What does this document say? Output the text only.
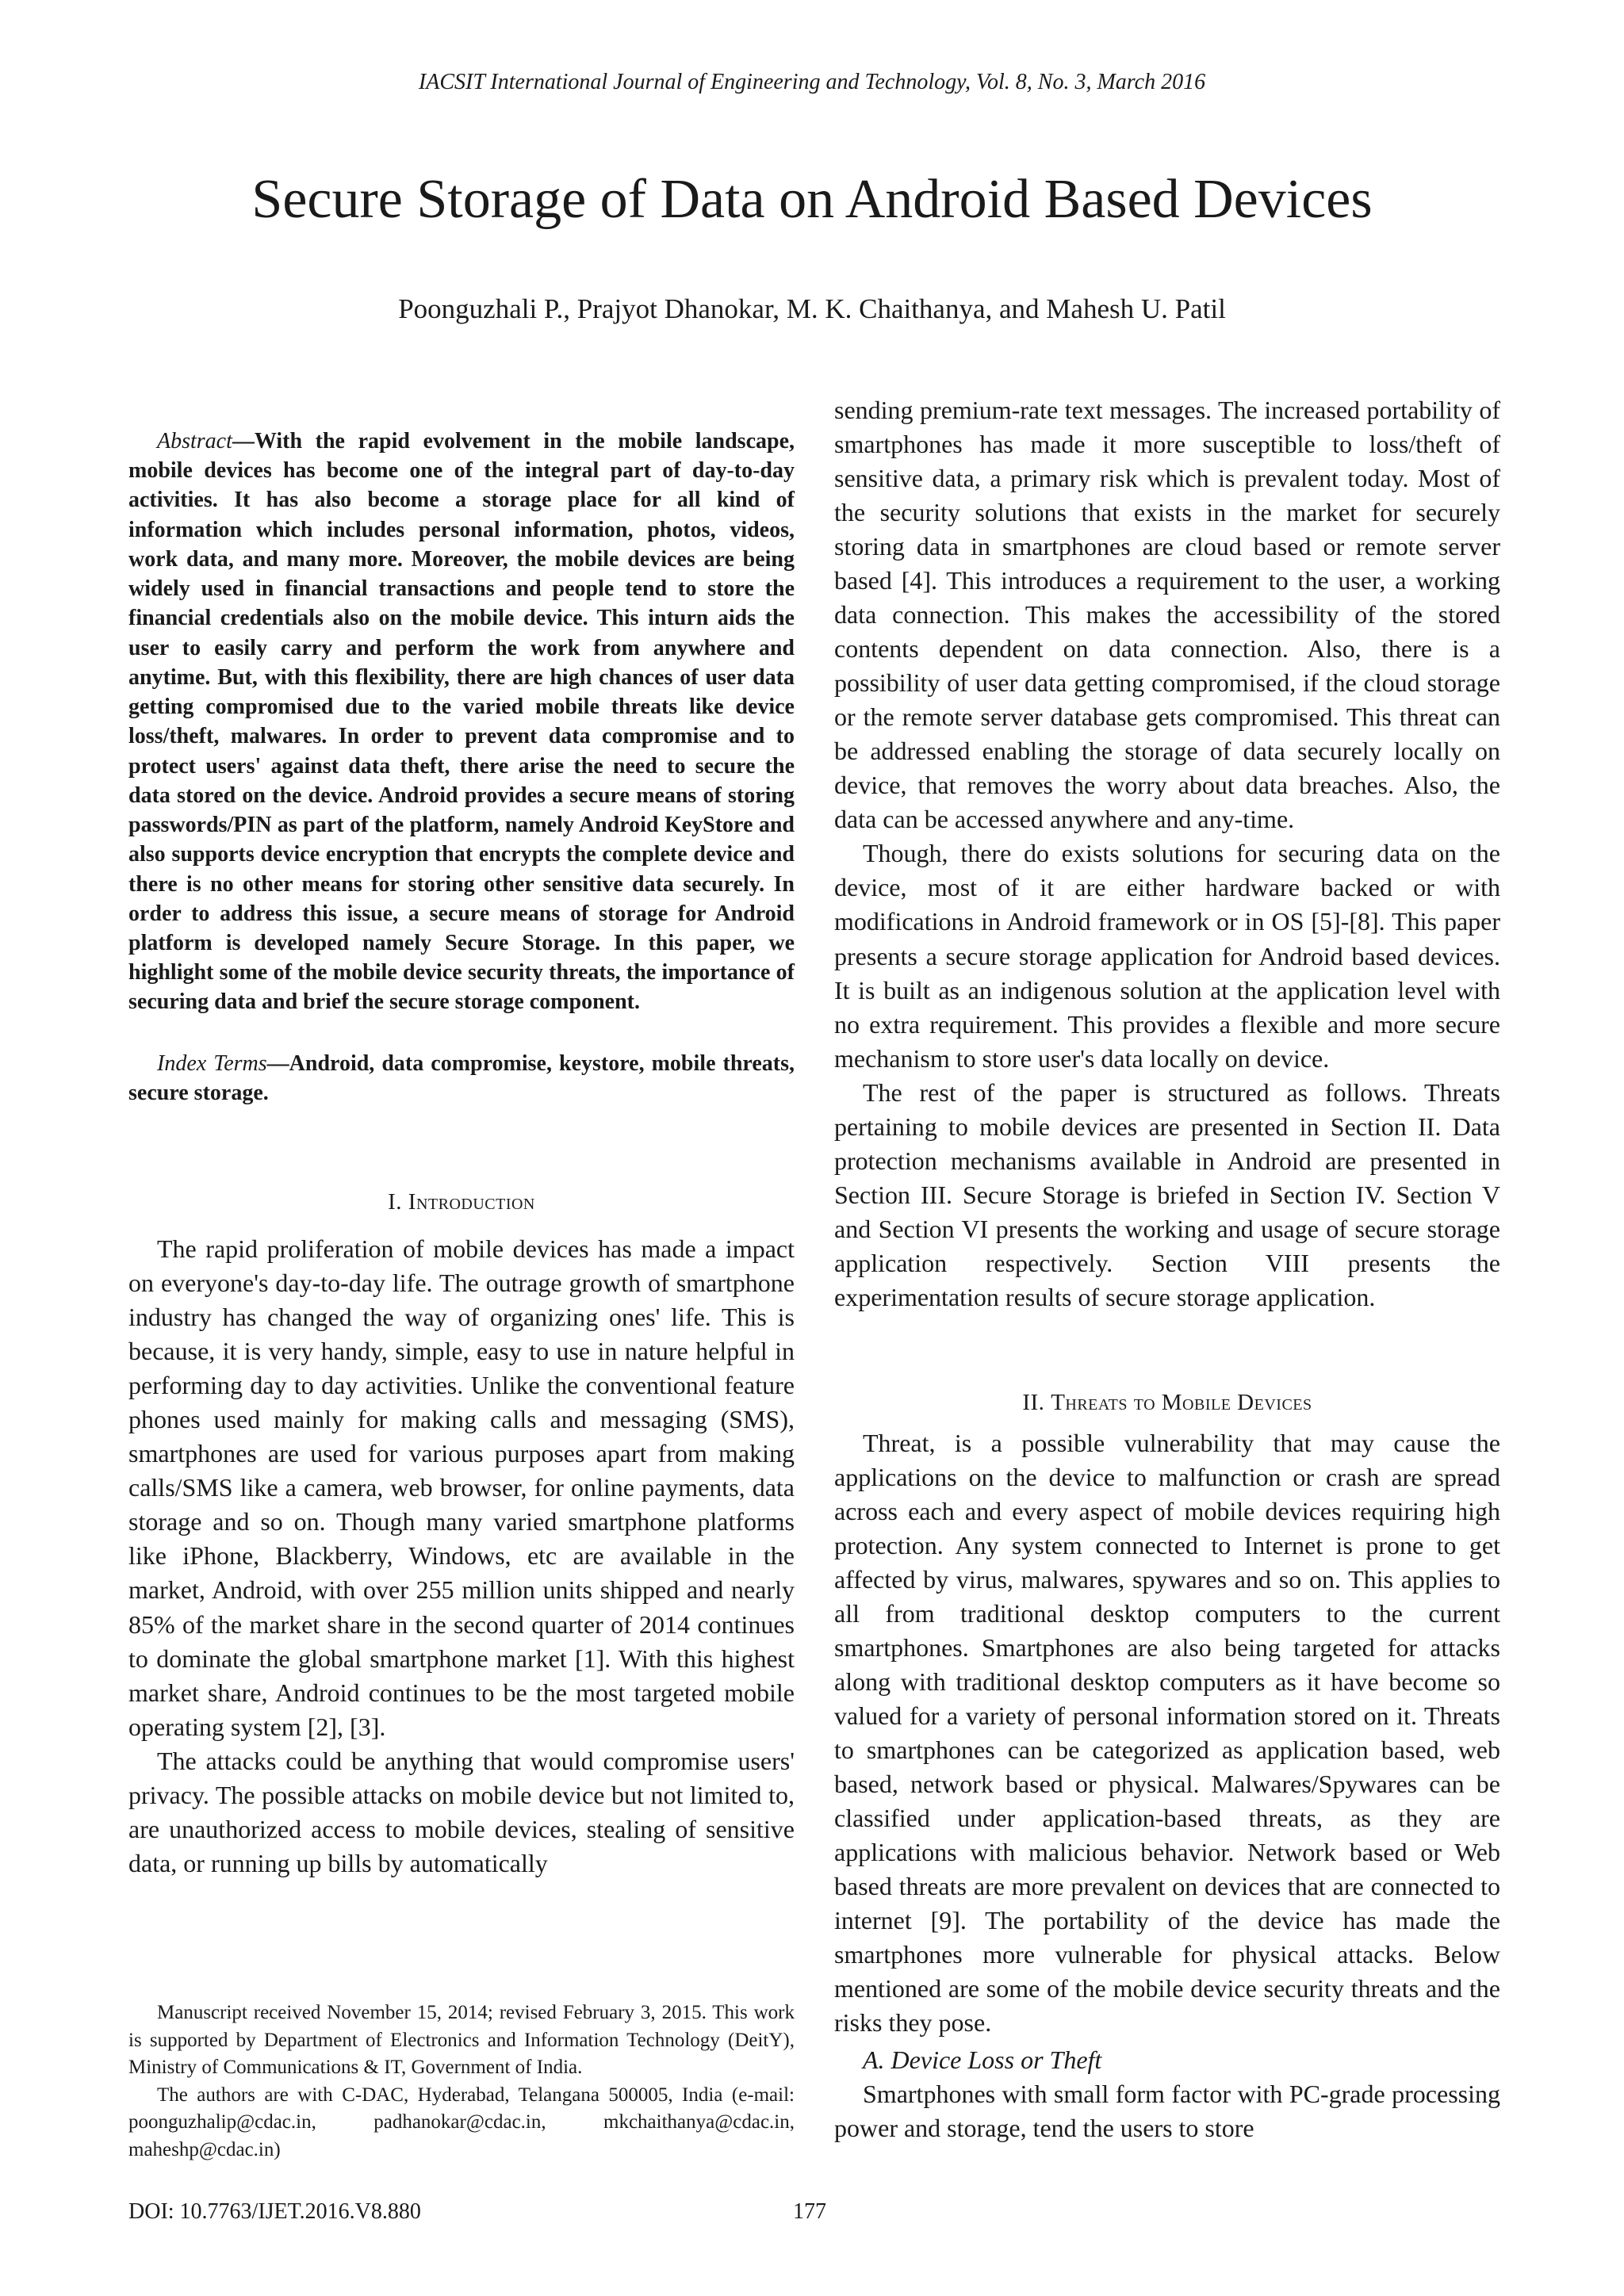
IACSIT International Journal of Engineering and Technology, Vol. 8, No. 3, March 2016
Secure Storage of Data on Android Based Devices
Poonguzhali P., Prajyot Dhanokar, M. K. Chaithanya, and Mahesh U. Patil

Abstract—With the rapid evolvement in the mobile landscape, mobile devices has become one of the integral part of day-to-day activities. It has also become a storage place for all kind of information which includes personal information, photos, videos, work data, and many more. Moreover, the mobile devices are being widely used in financial transactions and people tend to store the financial credentials also on the mobile device. This inturn aids the user to easily carry and perform the work from anywhere and anytime. But, with this flexibility, there are high chances of user data getting compromised due to the varied mobile threats like device loss/theft, malwares. In order to prevent data compromise and to protect users' against data theft, there arise the need to secure the data stored on the device. Android provides a secure means of storing passwords/PIN as part of the platform, namely Android KeyStore and also supports device encryption that encrypts the complete device and there is no other means for storing other sensitive data securely. In order to address this issue, a secure means of storage for Android platform is developed namely Secure Storage. In this paper, we highlight some of the mobile device security threats, the importance of securing data and brief the secure storage component.

Index Terms—Android, data compromise, keystore, mobile threats, secure storage.

I. Introduction

The rapid proliferation of mobile devices has made a impact on everyone's day-to-day life. The outrage growth of smartphone industry has changed the way of organizing ones' life. This is because, it is very handy, simple, easy to use in nature helpful in performing day to day activities. Unlike the conventional feature phones used mainly for making calls and messaging (SMS), smartphones are used for various purposes apart from making calls/SMS like a camera, web browser, for online payments, data storage and so on. Though many varied smartphone platforms like iPhone, Blackberry, Windows, etc are available in the market, Android, with over 255 million units shipped and nearly 85% of the market share in the second quarter of 2014 continues to dominate the global smartphone market [1]. With this highest market share, Android continues to be the most targeted mobile operating system [2], [3].

The attacks could be anything that would compromise users' privacy. The possible attacks on mobile device but not limited to, are unauthorized access to mobile devices, stealing of sensitive data, or running up bills by automatically

sending premium-rate text messages. The increased portability of smartphones has made it more susceptible to loss/theft of sensitive data, a primary risk which is prevalent today. Most of the security solutions that exists in the market for securely storing data in smartphones are cloud based or remote server based [4]. This introduces a requirement to the user, a working data connection. This makes the accessibility of the stored contents dependent on data connection. Also, there is a possibility of user data getting compromised, if the cloud storage or the remote server database gets compromised. This threat can be addressed enabling the storage of data securely locally on device, that removes the worry about data breaches. Also, the data can be accessed anywhere and any-time.

Though, there do exists solutions for securing data on the device, most of it are either hardware backed or with modifications in Android framework or in OS [5]-[8]. This paper presents a secure storage application for Android based devices. It is built as an indigenous solution at the application level with no extra requirement. This provides a flexible and more secure mechanism to store user's data locally on device.

The rest of the paper is structured as follows. Threats pertaining to mobile devices are presented in Section II. Data protection mechanisms available in Android are presented in Section III. Secure Storage is briefed in Section IV. Section V and Section VI presents the working and usage of secure storage application respectively. Section VIII presents the experimentation results of secure storage application.

II. Threats to Mobile Devices

Threat, is a possible vulnerability that may cause the applications on the device to malfunction or crash are spread across each and every aspect of mobile devices requiring high protection. Any system connected to Internet is prone to get affected by virus, malwares, spywares and so on. This applies to all from traditional desktop computers to the current smartphones. Smartphones are also being targeted for attacks along with traditional desktop computers as it have become so valued for a variety of personal information stored on it. Threats to smartphones can be categorized as application based, web based, network based or physical. Malwares/Spywares can be classified under application-based threats, as they are applications with malicious behavior. Network based or Web based threats are more prevalent on devices that are connected to internet [9]. The portability of the device has made the smartphones more vulnerable for physical attacks. Below mentioned are some of the mobile device security threats and the risks they pose.

A. Device Loss or Theft

Smartphones with small form factor with PC-grade processing power and storage, tend the users to store

Manuscript received November 15, 2014; revised February 3, 2015. This work is supported by Department of Electronics and Information Technology (DeitY), Ministry of Communications & IT, Government of India.

The authors are with C-DAC, Hyderabad, Telangana 500005, India (e-mail: poonguzhalip@cdac.in, padhanokar@cdac.in, mkchaithanya@cdac.in, maheshp@cdac.in)

DOI: 10.7763/IJET.2016.V8.880	177
